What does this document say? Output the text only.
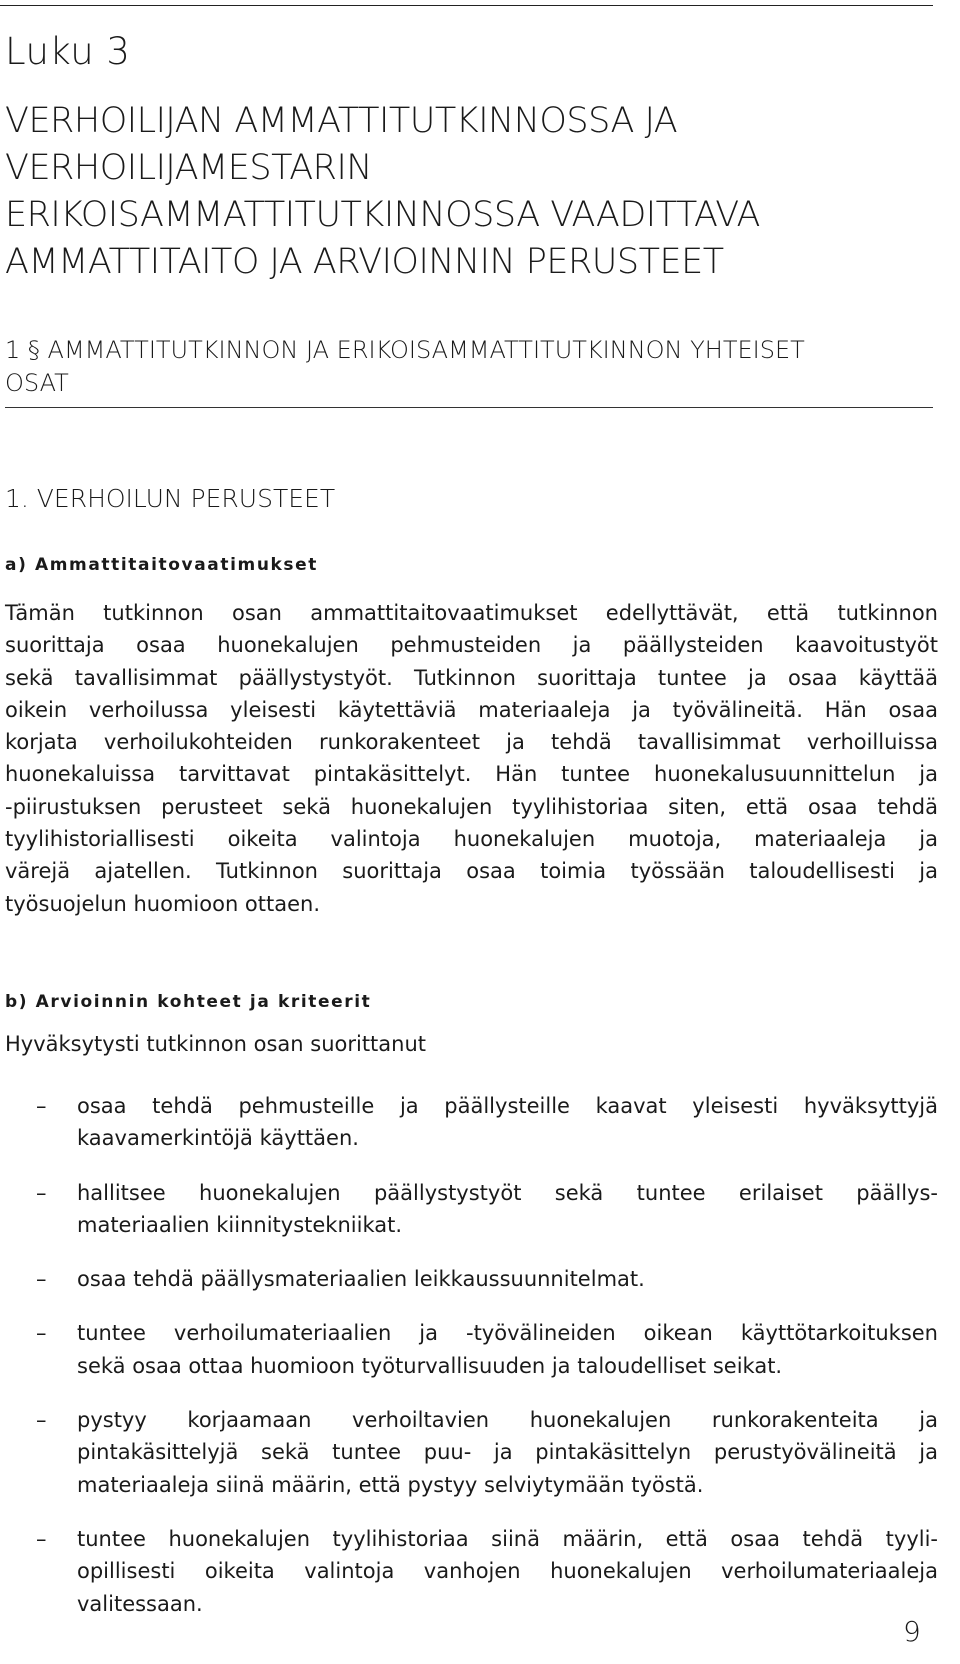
Luku 3
VERHOILIJAN AMMATTITUTKINNOSSA JA
VERHOILIJAMESTARIN
ERIKOISAMMATTITUTKINNOSSA VAADITTAVA
AMMATTITAITO JA ARVIOINNIN PERUSTEET
1 § AMMATTITUTKINNON JA ERIKOISAMMATTITUTKINNON YHTEISET
OSAT
1. VERHOILUN PERUSTEET
a) Ammattitaitovaatimukset
Tämän tutkinnon osan ammattitaitovaatimukset edellyttävät, että tutkinnon
suorittaja osaa huonekalujen pehmusteiden ja päällysteiden kaavoitustyöt
sekä tavallisimmat päällystystyöt. Tutkinnon suorittaja tuntee ja osaa käyttää
oikein verhoilussa yleisesti käytettäviä materiaaleja ja työvälineitä. Hän osaa
korjata verhoilukohteiden runkorakenteet ja tehdä tavallisimmat verhoilluissa
huonekaluissa tarvittavat pintakäsittelyt. Hän tuntee huonekalusuunnittelun ja
-piirustuksen perusteet sekä huonekalujen tyylihistoriaa siten, että osaa tehdä
tyylihistoriallisesti oikeita valintoja huonekalujen muotoja, materiaaleja ja
värejä ajatellen. Tutkinnon suorittaja osaa toimia työssään taloudellisesti ja
työsuojelun huomioon ottaen.
b) Arvioinnin kohteet ja kriteerit
Hyväksytysti tutkinnon osan suorittanut
– osaa tehdä pehmusteille ja päällysteille kaavat yleisesti hyväksyttyjä
kaavamerkintöjä käyttäen.
– hallitsee huonekalujen päällystystyöt sekä tuntee erilaiset päällys-
materiaalien kiinnitystekniikat.
– osaa tehdä päällysmateriaalien leikkaussuunnitelmat.
– tuntee verhoilumateriaalien ja -työvälineiden oikean käyttötarkoituksen
sekä osaa ottaa huomioon työturvallisuuden ja taloudelliset seikat.
– pystyy korjaamaan verhoiltavien huonekalujen runkorakenteita ja
pintakäsittelyjä sekä tuntee puu- ja pintakäsittelyn perustyövälineitä ja
materiaaleja siinä määrin, että pystyy selviytymään työstä.
– tuntee huonekalujen tyylihistoriaa siinä määrin, että osaa tehdä tyyli-
opillisesti oikeita valintoja vanhojen huonekalujen verhoilumateriaaleja
valitessaan.
9
